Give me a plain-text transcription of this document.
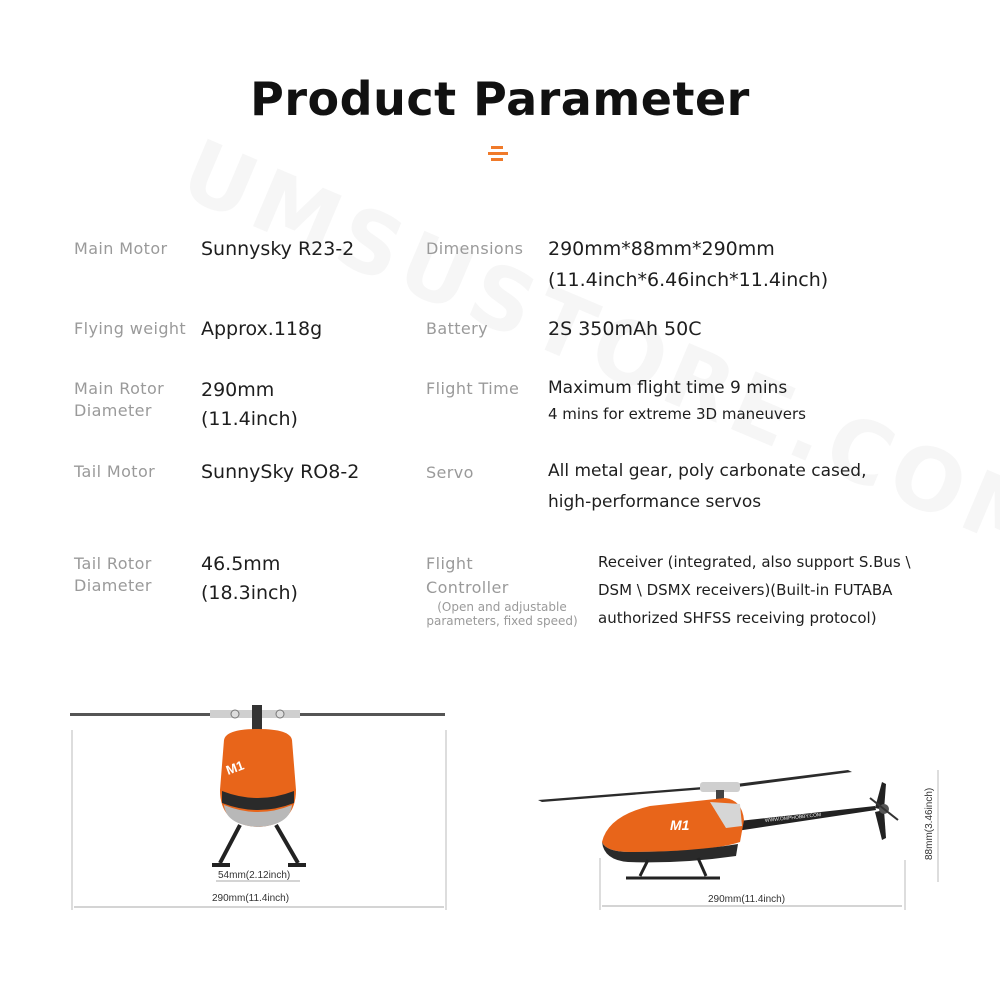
Product Parameter
Main Motor Sunnysky R23-2
Flying weight Approx.118g
Main Rotor
Diameter
290mm
(11.4inch)
Tail Motor SunnySky RO8-2
Tail Rotor
Diameter
46.5mm
(18.3inch)
Dimensions 290mm*88mm*290mm
(11.4inch*6.46inch*11.4inch)
Battery	2S 350mAh 50C
Flight Time Maximum flight time 9 mins
4 mins for extreme 3D maneuvers
Servo	All metal gear, poly carbonate cased,
high-performance servos
Flight
Controller
(Open and adjustable
parameters, fixed speed)
Receiver (integrated, also support S.Bus \
DSM \ DSMX receivers)(Built-in FUTABA
authorized SHFSS receiving protocol)
M1
54mm(2.12inch)
290mm(11.4inch)
WWW.OMPHOBBY.COM
M1
290mm(11.4inch)
88mm(3.46inch)
